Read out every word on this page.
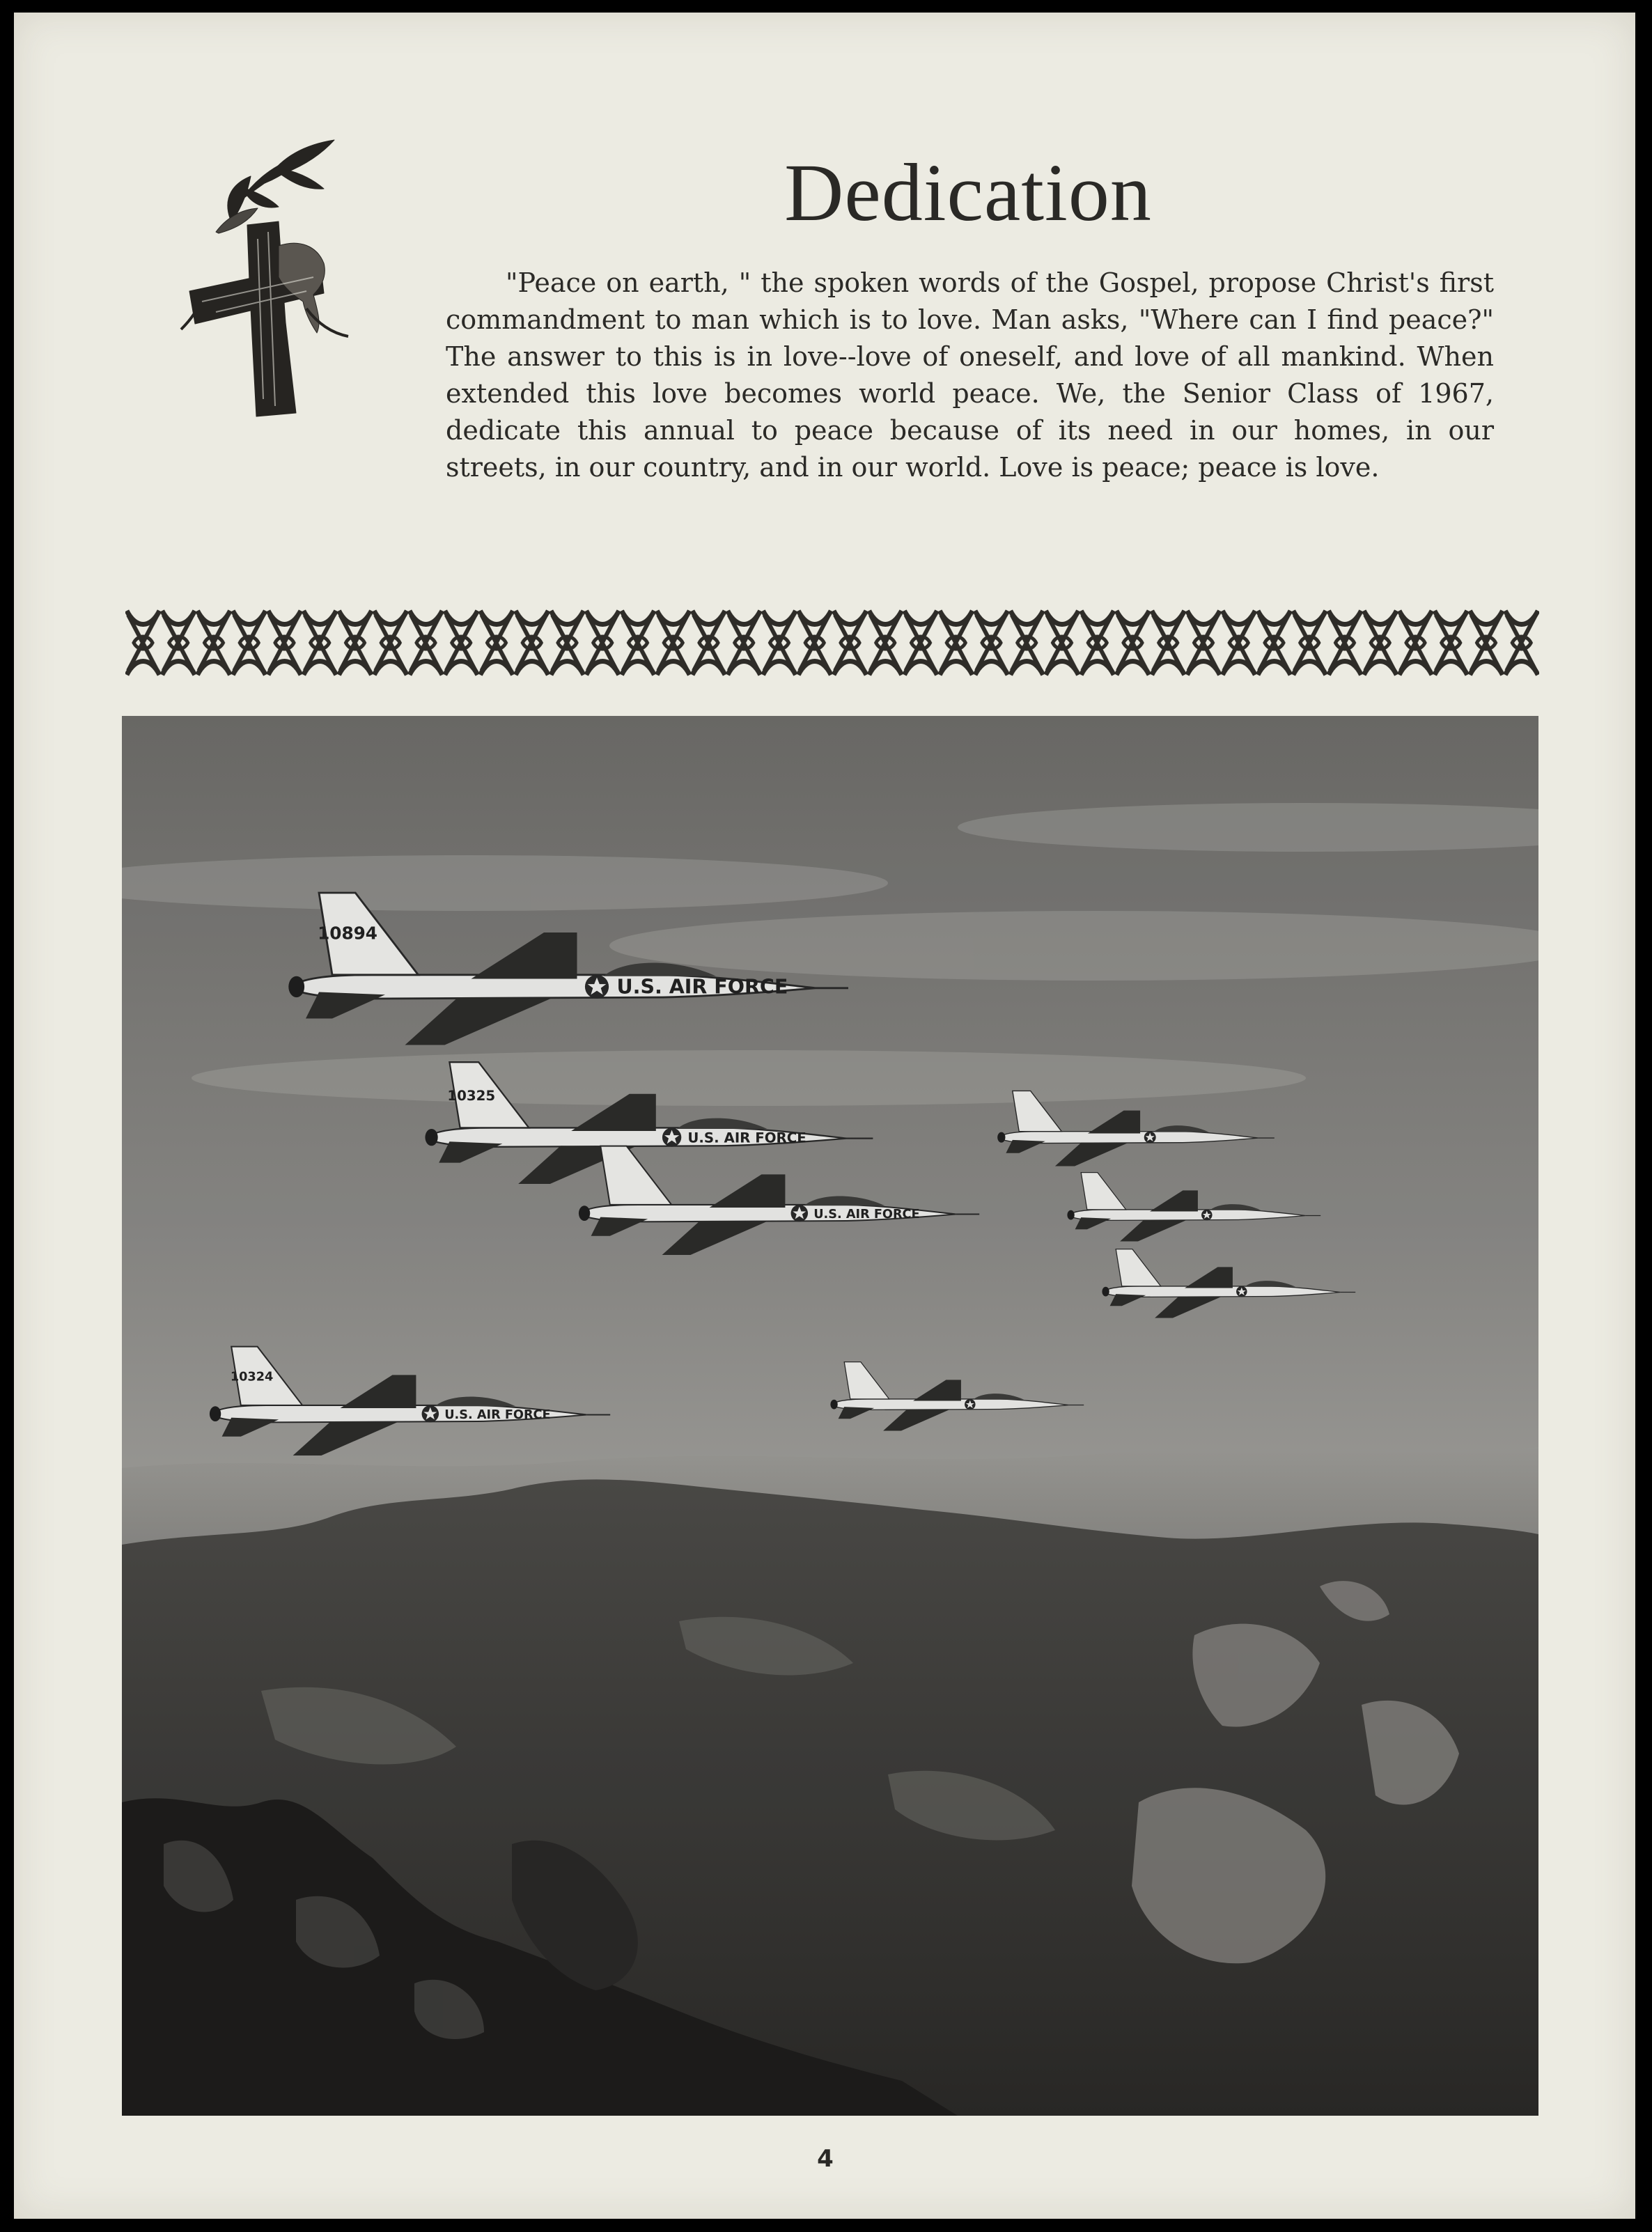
Dedication

"Peace on earth, " the spoken words of the Gospel, propose Christ's first commandment to man which is to love. Man asks, "Where can I find peace?" The answer to this is in love--love of oneself, and love of all mankind. When extended this love becomes world peace. We, the Senior Class of 1967, dedicate this annual to peace because of its need in our homes, in our streets, in our country, and in our world. Love is peace; peace is love.

10894
U.S. AIR FORCE
10325
U.S. AIR FORCE
U.S. AIR FORCE
10324
U.S. AIR FORCE
4
